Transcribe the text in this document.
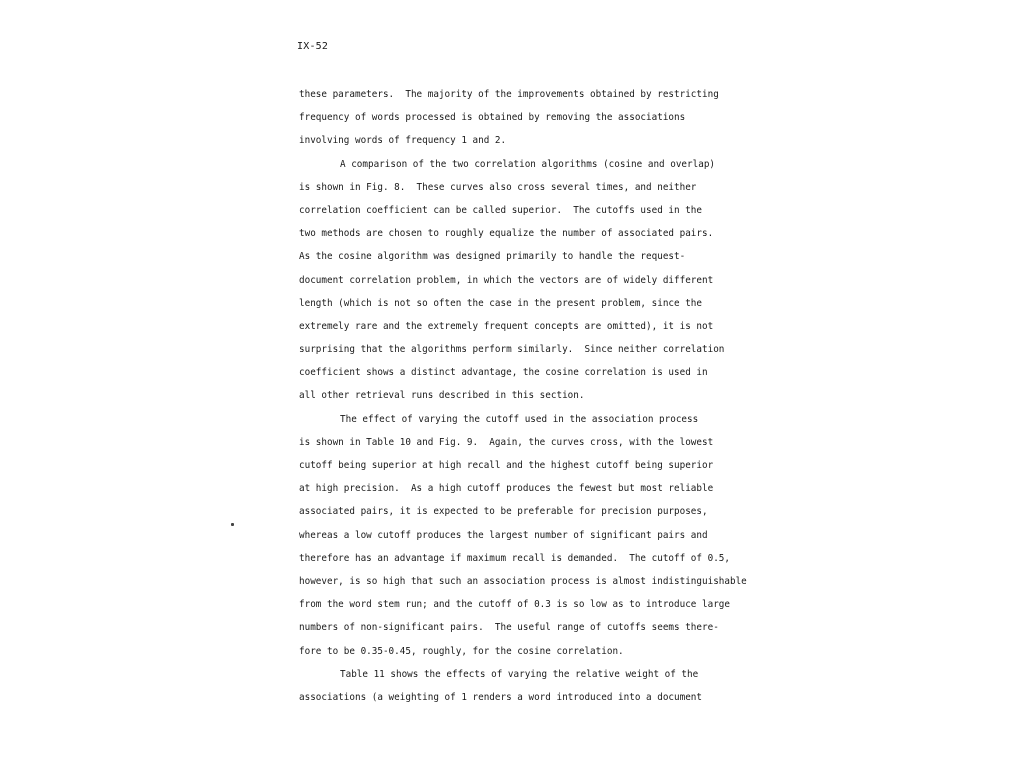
IX-52
these parameters.  The majority of the improvements obtained by restricting
frequency of words processed is obtained by removing the associations
involving words of frequency 1 and 2.
A comparison of the two correlation algorithms (cosine and overlap)
is shown in Fig. 8.  These curves also cross several times, and neither
correlation coefficient can be called superior.  The cutoffs used in the
two methods are chosen to roughly equalize the number of associated pairs.
As the cosine algorithm was designed primarily to handle the request-
document correlation problem, in which the vectors are of widely different
length (which is not so often the case in the present problem, since the
extremely rare and the extremely frequent concepts are omitted), it is not
surprising that the algorithms perform similarly.  Since neither correlation
coefficient shows a distinct advantage, the cosine correlation is used in
all other retrieval runs described in this section.
The effect of varying the cutoff used in the association process
is shown in Table 10 and Fig. 9.  Again, the curves cross, with the lowest
cutoff being superior at high recall and the highest cutoff being superior
at high precision.  As a high cutoff produces the fewest but most reliable
associated pairs, it is expected to be preferable for precision purposes,
whereas a low cutoff produces the largest number of significant pairs and
therefore has an advantage if maximum recall is demanded.  The cutoff of 0.5,
however, is so high that such an association process is almost indistinguishable
from the word stem run; and the cutoff of 0.3 is so low as to introduce large
numbers of non-significant pairs.  The useful range of cutoffs seems there-
fore to be 0.35-0.45, roughly, for the cosine correlation.
Table 11 shows the effects of varying the relative weight of the
associations (a weighting of 1 renders a word introduced into a document
